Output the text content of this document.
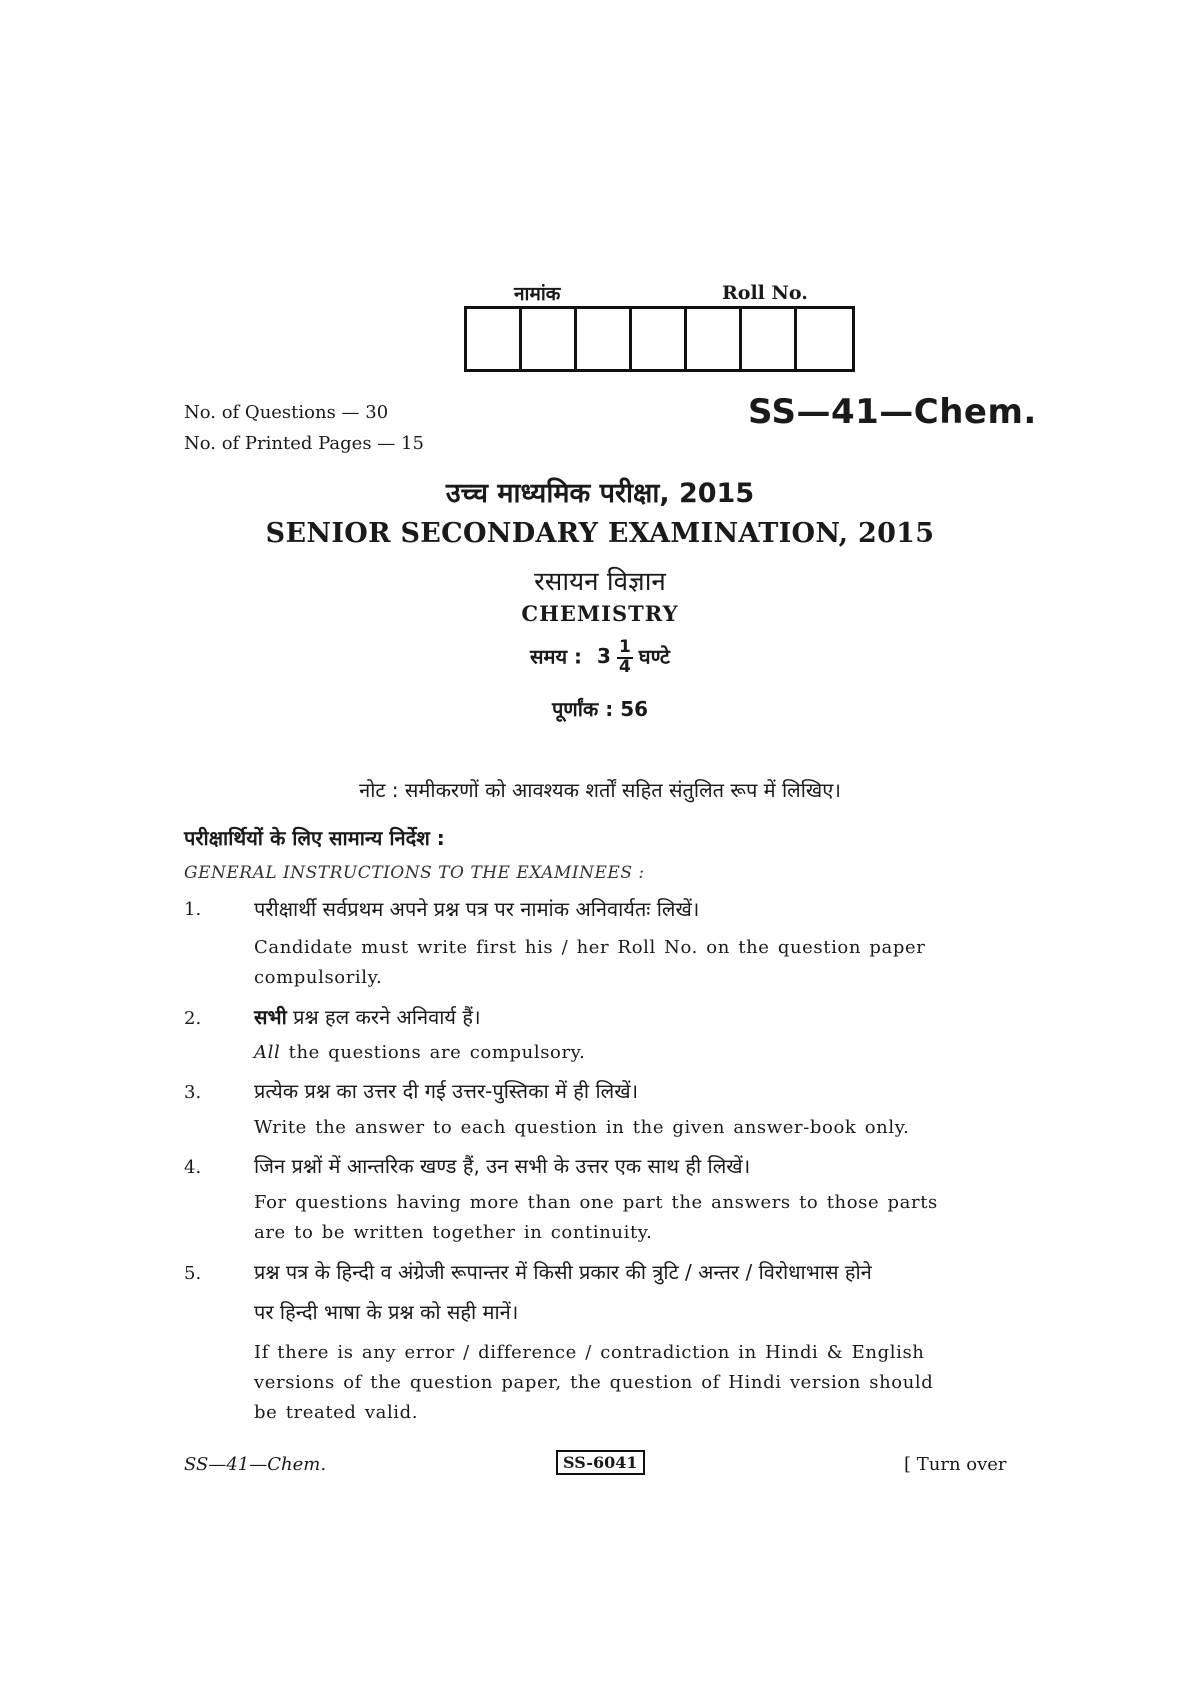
नामांक	Roll No.
No. of Questions — 30
No. of Printed Pages — 15
SS—41—Chem.
उच्च माध्यमिक परीक्षा, 2015
SENIOR SECONDARY EXAMINATION, 2015
रसायन विज्ञान
CHEMISTRY
समय : $3 \frac{1}{4}$ घण्टे
पूर्णांक : 56
नोट : समीकरणों को आवश्यक शर्तों सहित संतुलित रूप में लिखिए।
परीक्षार्थियों के लिए सामान्य निर्देश :
GENERAL INSTRUCTIONS TO THE EXAMINEES :
1.	परीक्षार्थी सर्वप्रथम अपने प्रश्न पत्र पर नामांक अनिवार्यतः लिखें।
Candidate must write first his / her Roll No. on the question paper
compulsorily.
2.	सभी प्रश्न हल करने अनिवार्य हैं।
All the questions are compulsory.
3.	प्रत्येक प्रश्न का उत्तर दी गई उत्तर-पुस्तिका में ही लिखें।
Write the answer to each question in the given answer-book only.
4.	जिन प्रश्नों में आन्तरिक खण्ड हैं, उन सभी के उत्तर एक साथ ही लिखें।
For questions having more than one part the answers to those parts
are to be written together in continuity.
5.	प्रश्न पत्र के हिन्दी व अंग्रेजी रूपान्तर में किसी प्रकार की त्रुटि / अन्तर / विरोधाभास होने
पर हिन्दी भाषा के प्रश्न को सही मानें।
If there is any error / difference / contradiction in Hindi & English
versions of the question paper, the question of Hindi version should
be treated valid.
SS—41—Chem.	SS-6041	[ Turn over
